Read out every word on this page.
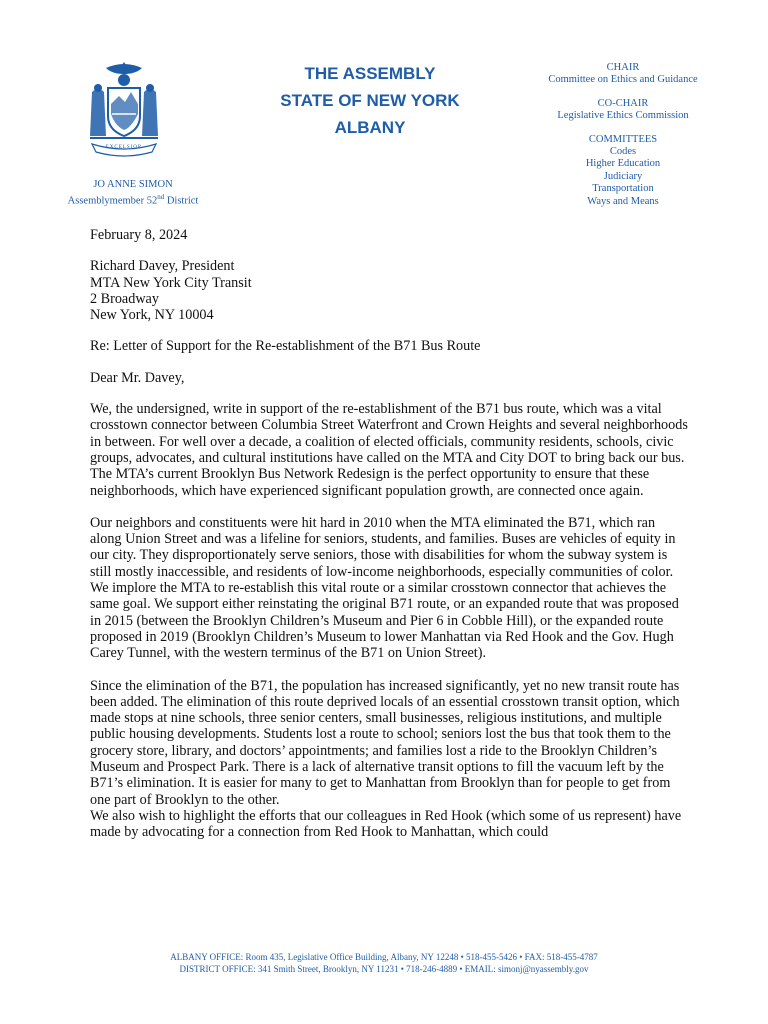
EXCELSIOR
JO ANNE SIMON
Assemblymember 52nd District
THE ASSEMBLY
STATE OF NEW YORK
ALBANY
CHAIR
Committee on Ethics and Guidance
CO-CHAIR
Legislative Ethics Commission
COMMITTEES
Codes
Higher Education
Judiciary
Transportation
Ways and Means

February 8, 2024

Richard Davey, President

MTA New York City Transit

2 Broadway

New York, NY 10004

Re: Letter of Support for the Re-establishment of the B71 Bus Route

Dear Mr. Davey,

We, the undersigned, write in support of the re-establishment of the B71 bus route, which was a vital crosstown connector between Columbia Street Waterfront and Crown Heights and several neighborhoods in between. For well over a decade, a coalition of elected officials, community residents, schools, civic groups, advocates, and cultural institutions have called on the MTA and City DOT to bring back our bus. The MTA’s current Brooklyn Bus Network Redesign is the perfect opportunity to ensure that these neighborhoods, which have experienced significant population growth, are connected once again.

Our neighbors and constituents were hit hard in 2010 when the MTA eliminated the B71, which ran along Union Street and was a lifeline for seniors, students, and families. Buses are vehicles of equity in our city. They disproportionately serve seniors, those with disabilities for whom the subway system is still mostly inaccessible, and residents of low-income neighborhoods, especially communities of color. We implore the MTA to re-establish this vital route or a similar crosstown connector that achieves the same goal. We support either reinstating the original B71 route, or an expanded route that was proposed in 2015 (between the Brooklyn Children’s Museum and Pier 6 in Cobble Hill), or the expanded route proposed in 2019 (Brooklyn Children’s Museum to lower Manhattan via Red Hook and the Gov. Hugh Carey Tunnel, with the western terminus of the B71 on Union Street).

Since the elimination of the B71, the population has increased significantly, yet no new transit route has been added. The elimination of this route deprived locals of an essential crosstown transit option, which made stops at nine schools, three senior centers, small businesses, religious institutions, and multiple public housing developments. Students lost a route to school; seniors lost the bus that took them to the grocery store, library, and doctors’ appointments; and families lost a ride to the Brooklyn Children’s Museum and Prospect Park. There is a lack of alternative transit options to fill the vacuum left by the B71’s elimination. It is easier for many to get to Manhattan from Brooklyn than for people to get from one part of Brooklyn to the other.

We also wish to highlight the efforts that our colleagues in Red Hook (which some of us represent) have made by advocating for a connection from Red Hook to Manhattan, which could

ALBANY OFFICE: Room 435, Legislative Office Building, Albany, NY 12248 • 518-455-5426 • FAX: 518-455-4787
DISTRICT OFFICE: 341 Smith Street, Brooklyn, NY 11231 • 718-246-4889 • EMAIL: simonj@nyassembly.gov
